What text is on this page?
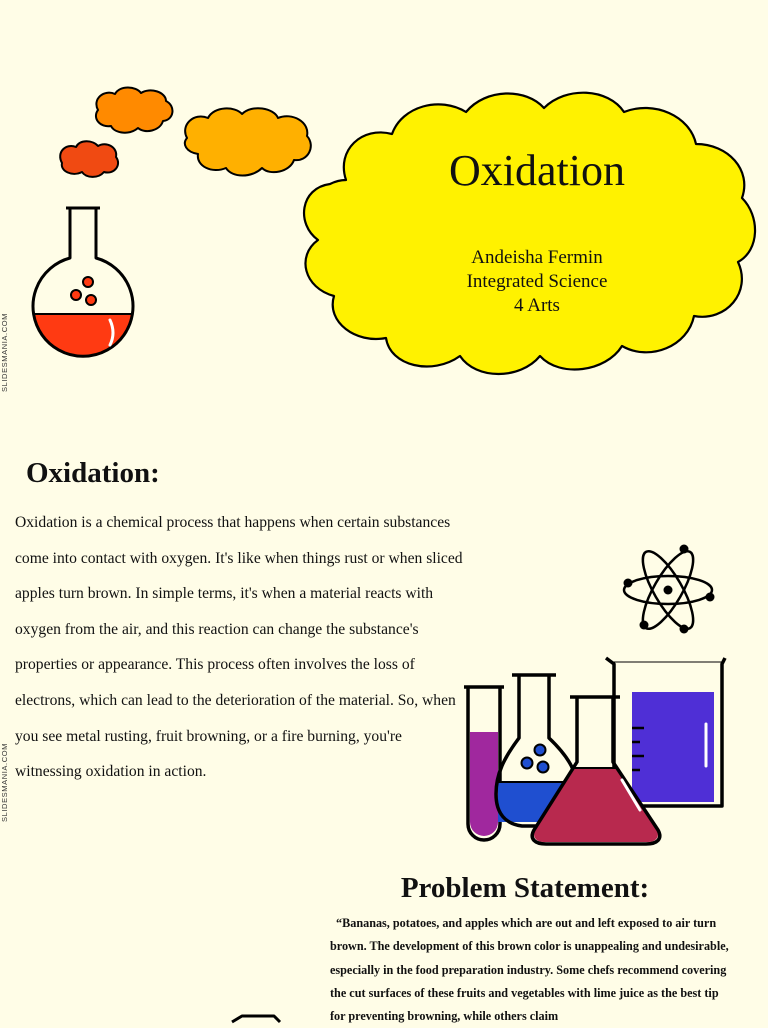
Oxidation
Andeisha Fermin
Integrated Science
4 Arts
SLIDESMANIA.COM
Oxidation:

Oxidation is a chemical process that happens when certain substances come into contact with oxygen. It's like when things rust or when sliced apples turn brown. In simple terms, it's when a material reacts with oxygen from the air, and this reaction can change the substance's properties or appearance. This process often involves the loss of electrons, which can lead to the deterioration of the material. So, when you see metal rusting, fruit browning, or a fire burning, you're witnessing oxidation in action.

SLIDESMANIA.COM
Problem Statement:

“Bananas, potatoes, and apples which are out and left exposed to air turn brown. The development of this brown color is unappealing and undesirable, especially in the food preparation industry. Some chefs recommend covering the cut surfaces of these fruits and vegetables with lime juice as the best tip for preventing browning, while others claim
